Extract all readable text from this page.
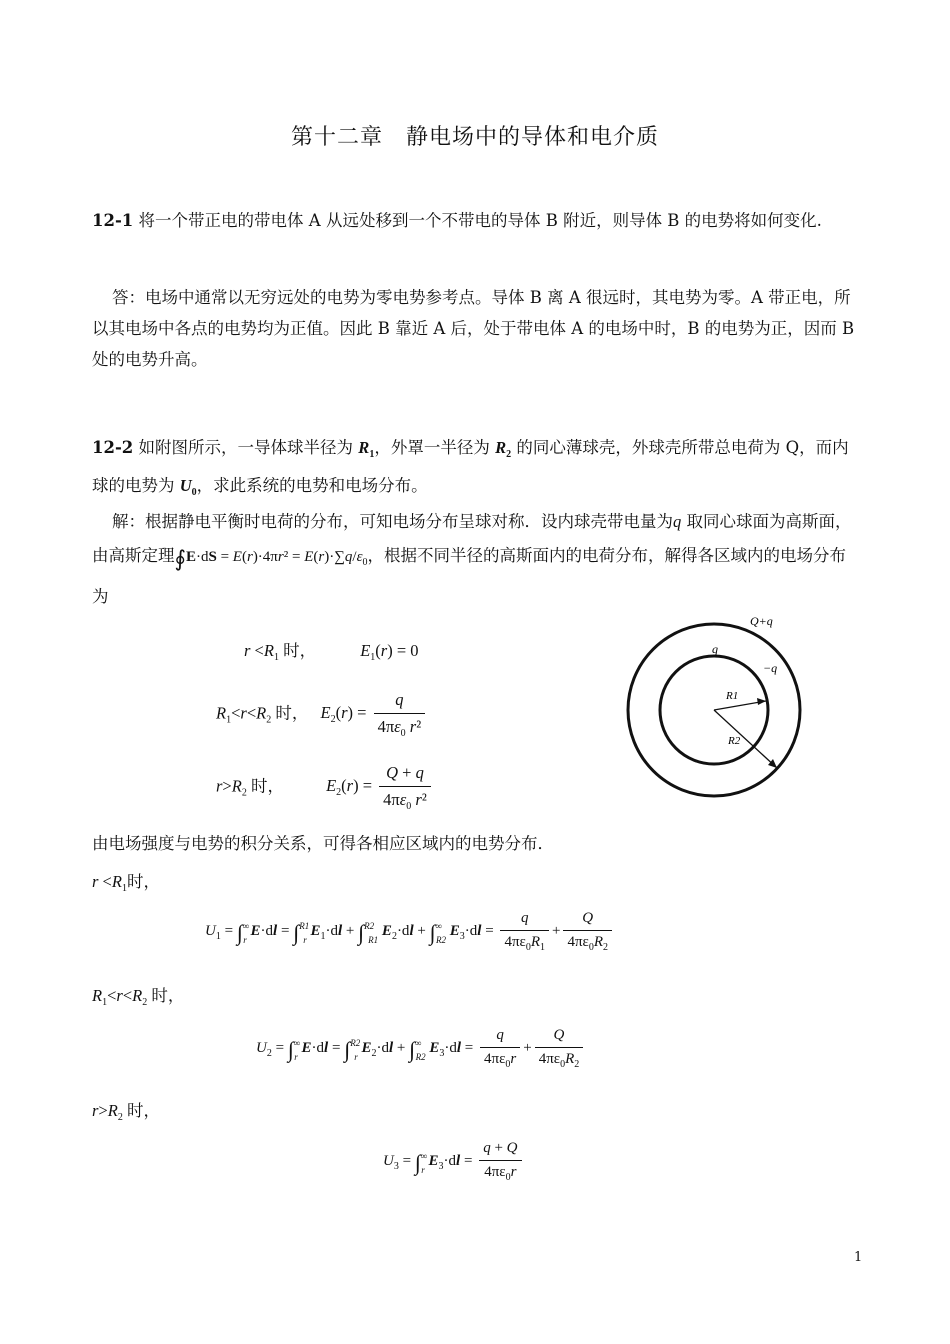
第十二章　静电场中的导体和电介质
12-1 将一个带正电的带电体 A 从远处移到一个不带电的导体 B 附近，则导体 B 的电势将如何变化.
答：电场中通常以无穷远处的电势为零电势参考点。导体 B 离 A 很远时，其电势为零。A 带正电，所以其电场中各点的电势均为正值。因此 B 靠近 A 后，处于带电体 A 的电场中时，B 的电势为正，因而 B 处的电势升高。
12-2 如附图所示，一导体球半径为 $R_1$，外罩一半径为 $R_2$ 的同心薄球壳，外球壳所带总电荷为 Q，而内球的电势为 $U_0$，求此系统的电势和电场分布。
解：根据静电平衡时电荷的分布，可知电场分布呈球对称．设内球壳带电量为q 取同心球面为高斯面，由高斯定理∮E·dS = $E(r)\cdot 4\pi r^2 = E(r)\cdot\sum q/\varepsilon_0$，根据不同半径的高斯面内的电荷分布，解得各区域内的电场分布为
$r <R_1$ 时，	$E_1(r) = 0$
$R_1<r<R_2$ 时， $E_2(r) = \frac{q}{4\pi\varepsilon_0 r^2}$
$r>R_2$ 时，	$E_2(r) = \frac{Q + q}{4\pi\varepsilon_0 r^2}$
Q+q
q
−q
R1
R2
由电场强度与电势的积分关系，可得各相应区域内的电势分布．
$r <R_1$时，
$U_1 = \int^\infty_r$ E·dl = ∫$^{R1}_r$ $E_1\cdot dl + \int^{R2}_{R1}$ $E_2\cdot dl + \int^\infty_{R2}$ $E_3\cdot dl = \frac{q}{4\pi\varepsilon_0R_1} + \frac{Q}{4\pi\varepsilon_0R_2}$
$R_1<r<R_2$ 时，
$U_2 = \int^\infty_r$ E·dl = ∫$^{R2}_r$ $E_2\cdot dl + \int^\infty_{R2}$ $E_3\cdot dl = \frac{q}{4\pi\varepsilon_0r} + \frac{Q}{4\pi\varepsilon_0R_2}$
$r>R_2$ 时，
$U_3 = \int^\infty_r$ $E_3\cdot dl = \frac{q + Q}{4\pi\varepsilon_0r}$
1
